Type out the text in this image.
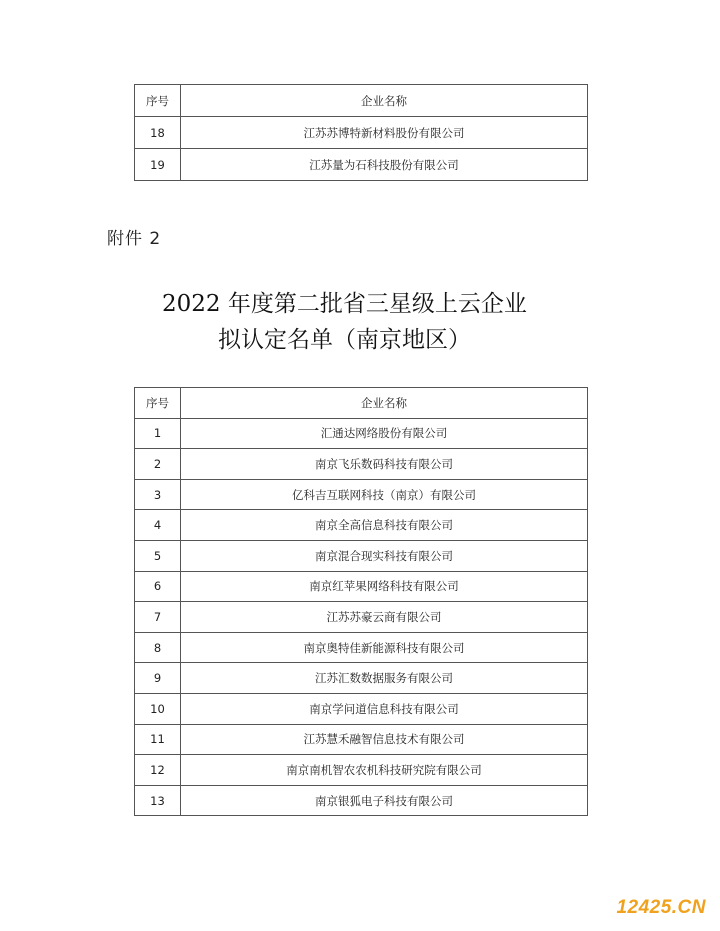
序号	企业名称
18	江苏苏博特新材料股份有限公司
19	江苏量为石科技股份有限公司
附件 2
2022 年度第二批省三星级上云企业
拟认定名单（南京地区）
序号	企业名称
1	汇通达网络股份有限公司
2	南京飞乐数码科技有限公司
3	亿科吉互联网科技（南京）有限公司
4	南京全高信息科技有限公司
5	南京混合现实科技有限公司
6	南京红苹果网络科技有限公司
7	江苏苏豪云商有限公司
8	南京奥特佳新能源科技有限公司
9	江苏汇数数据服务有限公司
10	南京学问道信息科技有限公司
11	江苏慧禾融智信息技术有限公司
12	南京南机智农农机科技研究院有限公司
13	南京银狐电子科技有限公司
12425.CN
